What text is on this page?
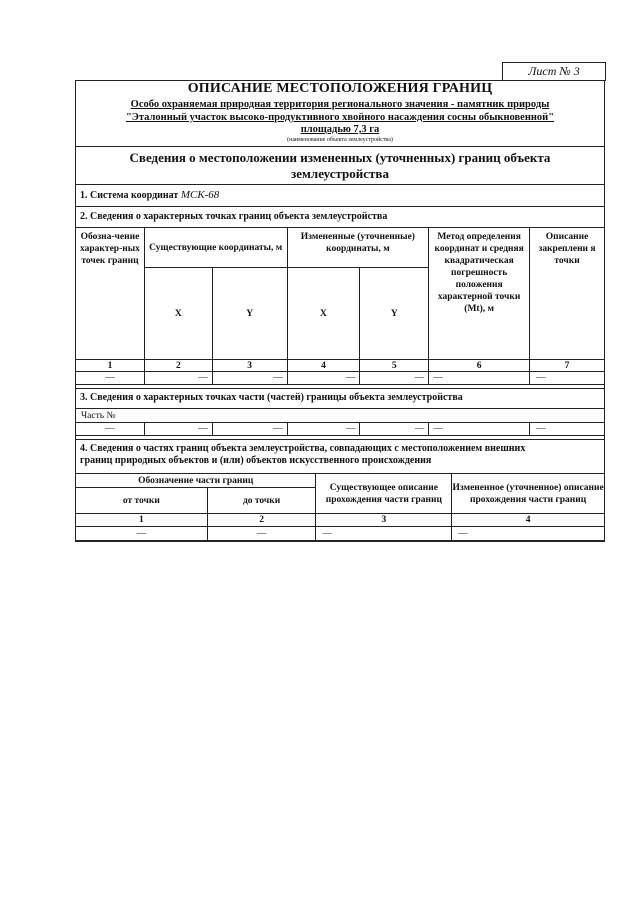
Лист № 3
ОПИСАНИЕ МЕСТОПОЛОЖЕНИЯ ГРАНИЦ
Особо охраняемая природная территория регионального значения - памятник природы
"Эталонный участок высоко-продуктивного хвойного насаждения сосны обыкновенной"
площадью 7,3 га
(наименование объекта землеустройства)
Сведения о местоположении измененных (уточненных) границ объекта
землеустройства
1. Система координат МСК-68
2. Сведения о характерных точках границ объекта землеустройства
Обозна-чение характер-ных точек границ	Существующие координаты, м		Измененные (уточненные) координаты, м		Метод определения координат и средняя квадратическая погрешность положения характерной точки (Mt), м	Описание закреплени я точки
	X	Y	X	Y		
1	2	3	4	5	6	7
—	—	—	—	—	—	—
3. Сведения о характерных точках части (частей) границы объекта землеустройства
Часть №
—	—	—	—	—	—	—
4. Сведения о частях границ объекта землеустройства, совпадающих с местоположением внешних
границ природных объектов и (или) объектов искусственного происхождения
Обозначение части границ		Существующее описание прохождения части границ	Измененное (уточненное) описание прохождения части границ
от точки	до точки		
1	2	3	4
—	—	—	—
